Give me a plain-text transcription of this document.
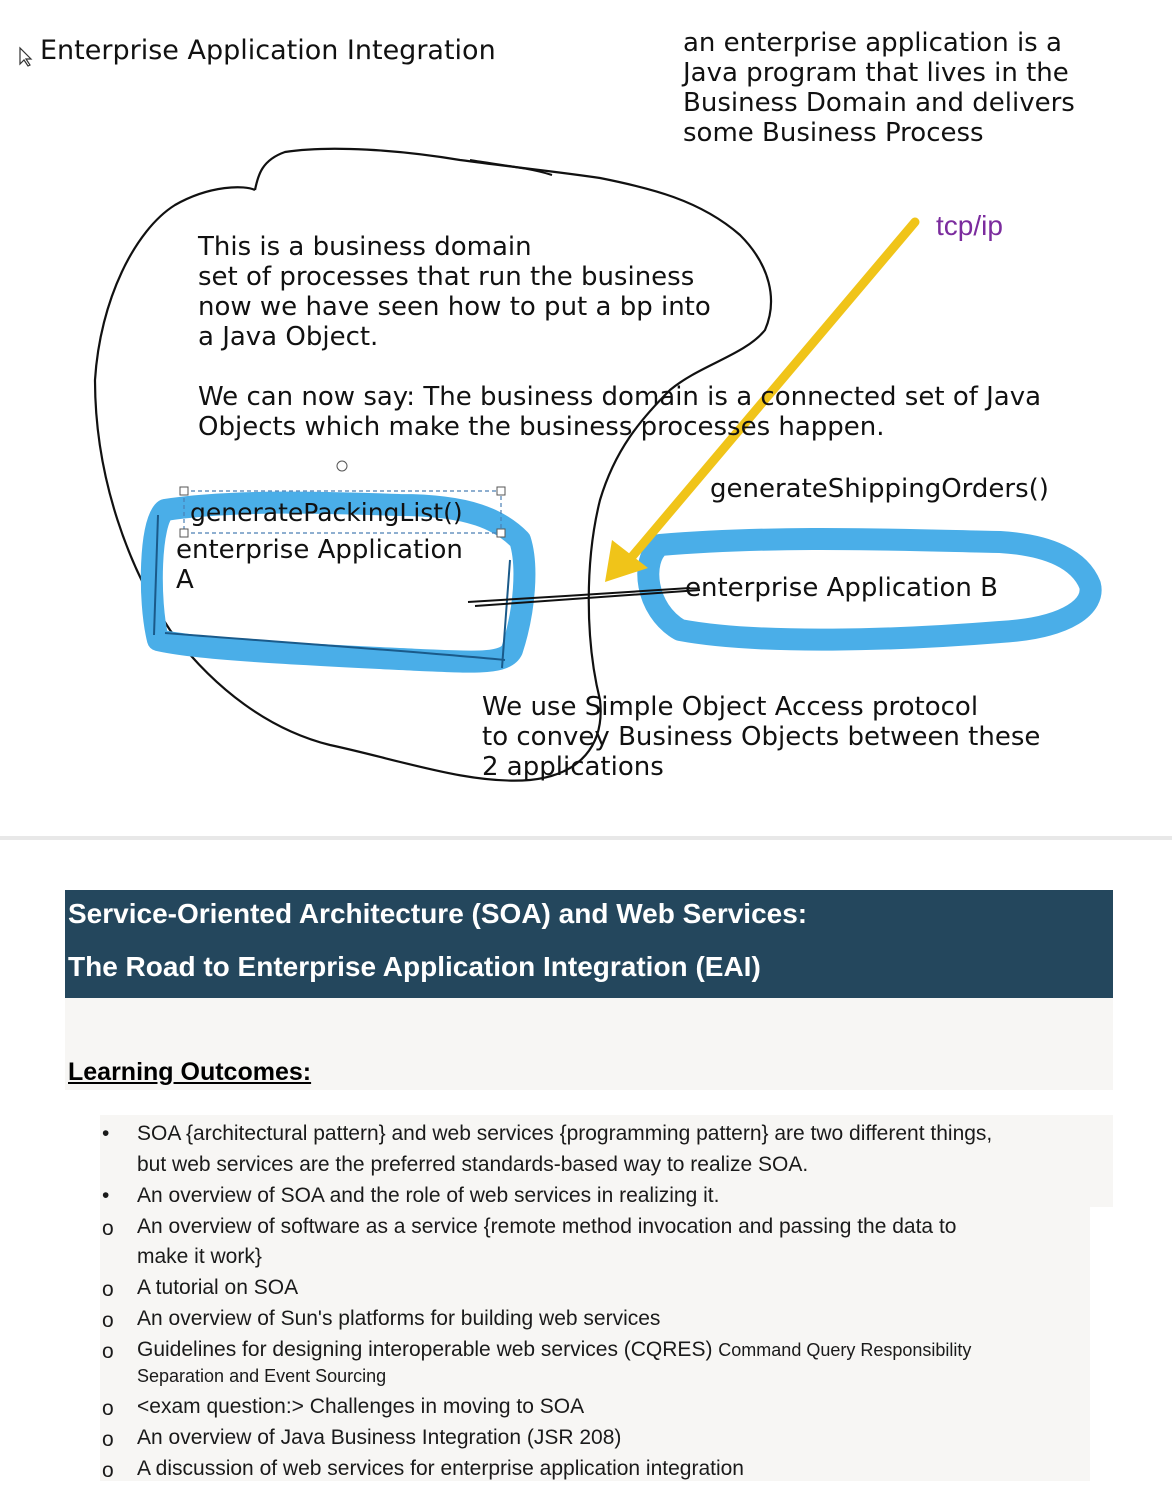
Enterprise Application Integration	an enterprise application is a
Java program that lives in the
Business Domain and delivers
some Business Process
This is a business domain
set of processes that run the business
now we have seen how to put a bp into
a Java Object.
We can now say: The business domain is a connected set of Java
Objects which make the business processes happen.
tcp/ip
generatePackingList()
enterprise Application
A
generateShippingOrders()
enterprise Application B
We use Simple Object Access protocol
to convey Business Objects between these
2 applications
Service-Oriented Architecture (SOA) and Web Services:
The Road to Enterprise Application Integration (EAI)
Learning Outcomes:
• SOA {architectural pattern} and web services {programming pattern} are two different things,
but web services are the preferred standards-based way to realize SOA.
• An overview of SOA and the role of web services in realizing it.
o An overview of software as a service {remote method invocation and passing the data to
make it work}
o A tutorial on SOA
o An overview of Sun's platforms for building web services
o Guidelines for designing interoperable web services (CQRES) Command Query Responsibility
Separation and Event Sourcing
o <exam question:> Challenges in moving to SOA
o An overview of Java Business Integration (JSR 208)
o A discussion of web services for enterprise application integration
